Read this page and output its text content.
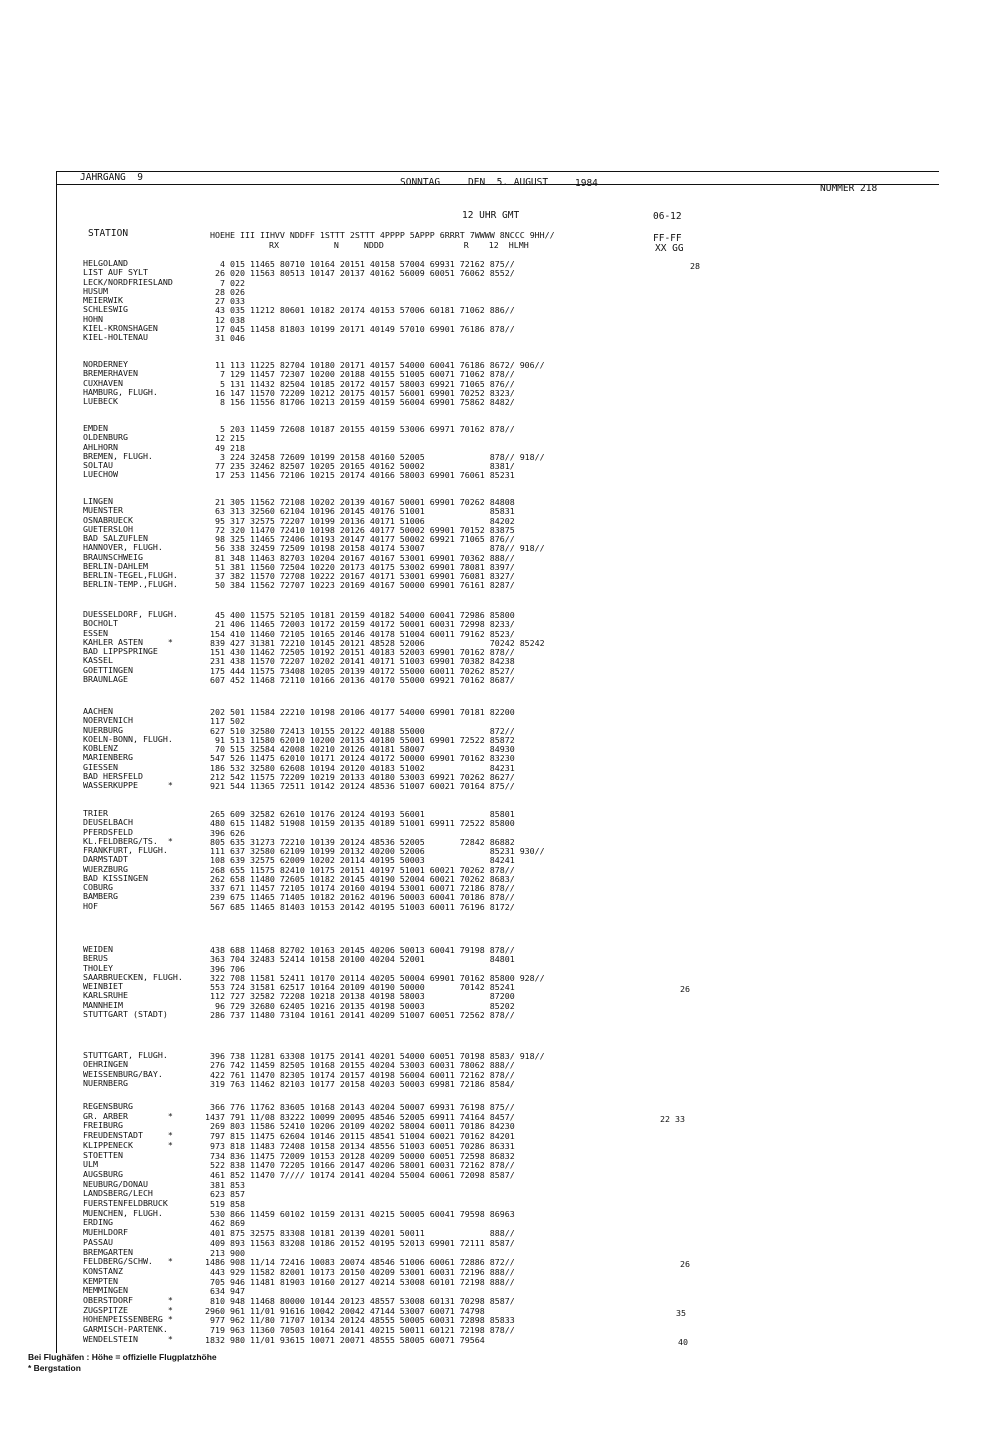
JAHRGANG  9	SONNTAG	DEN  5. AUGUST	1984	NUMMER 218
12 UHR GMT	06-12
STATION	HOEHE III IIHVV NDDFF 1STTT 2STTT 4PPPP 5APPP 6RRRT 7WWWW 8NCCC 9HH//
RX           N     NDDD                R    12  HLMH
FF-FF
XX GG
HELGOLAND	4 015 11465 80710 10164 20151 40158 57004 69931 72162 875//	28
LIST AUF SYLT	26 020 11563 80513 10147 20137 40162 56009 60051 76062 8552/
LECK/NORDFRIESLAND	7 022
HUSUM	28 026
MEIERWIK	27 033
SCHLESWIG	43 035 11212 80601 10182 20174 40153 57006 60181 71062 886//
HOHN	12 038
KIEL-KRONSHAGEN	17 045 11458 81803 10199 20171 40149 57010 69901 76186 878//
KIEL-HOLTENAU	31 046
NORDERNEY	11 113 11225 82704 10180 20171 40157 54000 60041 76186 8672/ 906//
BREMERHAVEN	7 129 11457 72307 10200 20188 40155 51005 60071 71062 878//
CUXHAVEN	5 131 11432 82504 10185 20172 40157 58003 69921 71065 876//
HAMBURG, FLUGH.	16 147 11570 72209 10212 20175 40157 56001 69901 70252 8323/
LUEBECK	8 156 11556 81706 10213 20159 40159 56004 69901 75862 8482/
EMDEN	5 203 11459 72608 10187 20155 40159 53006 69971 70162 878//
OLDENBURG	12 215
AHLHORN	49 218
BREMEN, FLUGH.	3 224 32458 72609 10199 20158 40160 52005             878// 918//
SOLTAU	77 235 32462 82507 10205 20165 40162 50002             8381/
LUECHOW	17 253 11456 72106 10215 20174 40166 58003 69901 76061 85231
LINGEN	21 305 11562 72108 10202 20139 40167 50001 69901 70262 84808
MUENSTER	63 313 32560 62104 10196 20145 40176 51001             85831
OSNABRUECK	95 317 32575 72207 10199 20136 40171 51006             84202
GUETERSLOH	72 320 11470 72410 10198 20126 40177 50002 69901 70152 83875
BAD SALZUFLEN	98 325 11465 72406 10193 20147 40177 50002 69921 71065 876//
HANNOVER, FLUGH.	56 338 32459 72509 10198 20158 40174 53007             878// 918//
BRAUNSCHWEIG	81 348 11463 82703 10204 20167 40167 53001 69901 70362 888//
BERLIN-DAHLEM	51 381 11560 72504 10220 20173 40175 53002 69901 78081 8397/
BERLIN-TEGEL,FLUGH.	37 382 11570 72708 10222 20167 40171 53001 69901 76081 8327/
BERLIN-TEMP.,FLUGH.	50 384 11562 72707 10223 20169 40167 50000 69901 76161 8287/
DUESSELDORF, FLUGH.	45 400 11575 52105 10181 20159 40182 54000 60041 72986 85800
BOCHOLT	21 406 11465 72003 10172 20159 40172 50001 60031 72998 8233/
ESSEN	154 410 11460 72105 10165 20146 40178 51004 60011 79162 8523/
KAHLER ASTEN     *	839 427 31381 72210 10145 20121 48528 52006             70242 85242
BAD LIPPSPRINGE	151 430 11462 72505 10192 20151 40183 52003 69901 70162 878//
KASSEL	231 438 11570 72207 10202 20141 40171 51003 69901 70382 84238
GOETTINGEN	175 444 11575 73408 10205 20139 40172 55000 60011 70262 8527/
BRAUNLAGE	607 452 11468 72110 10166 20136 40170 55000 69921 70162 8687/
AACHEN	202 501 11584 22210 10198 20106 40177 54000 69901 70181 82200
NOERVENICH	117 502
NUERBURG	627 510 32580 72413 10155 20122 40188 55000             872//
KOELN-BONN, FLUGH.	91 513 11580 62010 10200 20135 40180 55001 69901 72522 85872
KOBLENZ	70 515 32584 42008 10210 20126 40181 58007             84930
MARIENBERG	547 526 11475 62010 10171 20124 40172 50000 69901 70162 83230
GIESSEN	186 532 32580 62608 10194 20120 40183 51002             84231
BAD HERSFELD	212 542 11575 72209 10219 20133 40180 53003 69921 70262 8627/
WASSERKUPPE      *	921 544 11365 72511 10142 20124 48536 51007 60021 70164 875//
TRIER	265 609 32582 62610 10176 20124 40193 56001             85801
DEUSELBACH	480 615 11482 51908 10159 20135 40189 51001 69911 72522 85800
PFERDSFELD	396 626
KL.FELDBERG/TS.  *	805 635 31273 72210 10139 20124 48536 52005       72842 86882
FRANKFURT, FLUGH.	111 637 32580 62109 10199 20132 40200 52006             85231 930//
DARMSTADT	108 639 32575 62009 10202 20114 40195 50003             84241
WUERZBURG	268 655 11575 82410 10175 20151 40197 51001 60021 70262 878//
BAD KISSINGEN	262 658 11480 72605 10182 20145 40190 52004 60021 70262 8683/
COBURG	337 671 11457 72105 10174 20160 40194 53001 60071 72186 878//
BAMBERG	239 675 11465 71405 10182 20162 40196 50003 60041 70186 878//
HOF	567 685 11465 81403 10153 20142 40195 51003 60011 76196 8172/
WEIDEN	438 688 11468 82702 10163 20145 40206 50013 60041 79198 878//
BERUS	363 704 32483 52414 10158 20100 40204 52001             84801
THOLEY	396 706
SAARBRUECKEN, FLUGH. 322 708 11581 52411 10170 20114 40205 50004 69901 70162 85800 928//
WEINBIET	553 724 31581 62517 10164 20109 40190 50000       70142 85241	26
KARLSRUHE	112 727 32582 72208 10218 20138 40198 58003             87200
MANNHEIM	96 729 32680 62405 10216 20135 40198 50003             85202
STUTTGART (STADT)	286 737 11480 73104 10161 20141 40209 51007 60051 72562 878//
STUTTGART, FLUGH.	396 738 11281 63308 10175 20141 40201 54000 60051 70198 8583/ 918//
OEHRINGEN	276 742 11459 82505 10168 20155 40204 53003 60031 78062 888//
WEISSENBURG/BAY.	422 761 11470 82305 10174 20157 40198 56004 60011 72162 878//
NUERNBERG	319 763 11462 82103 10177 20158 40203 50003 69981 72186 8584/
REGENSBURG	366 776 11762 83605 10168 20143 40204 50007 69931 76198 875//
GR. ARBER        *	1437 791 11/08 83222 10099 20095 48546 52005 69911 74164 8457/	22 33
FREIBURG	269 803 11586 52410 10206 20109 40202 58004 60011 70186 84230
FREUDENSTADT     *	797 815 11475 62604 10146 20115 48541 51004 60021 70162 84201
KLIPPENECK       *	973 818 11483 72408 10158 20134 48556 51003 60051 70286 86331
STOETTEN	734 836 11475 72009 10153 20128 40209 50000 60051 72598 86832
ULM	522 838 11470 72205 10166 20147 40206 58001 60031 72162 878//
AUGSBURG	461 852 11470 7//// 10174 20141 40204 55004 60061 72098 8587/
NEUBURG/DONAU	381 853
LANDSBERG/LECH	623 857
FUERSTENFELDBRUCK	519 858
MUENCHEN, FLUGH.	530 866 11459 60102 10159 20131 40215 50005 60041 79598 86963
ERDING	462 869
MUEHLDORF	401 875 32575 83308 10181 20139 40201 50011             888//
PASSAU	409 893 11563 83208 10186 20152 40195 52013 69901 72111 8587/
BREMGARTEN	213 900
FELDBERG/SCHW.   *	1486 908 11/14 72416 10083 20074 48546 51006 60061 72886 872//	26
KONSTANZ	443 929 11582 82001 10173 20150 40209 53001 60031 72196 888//
KEMPTEN	705 946 11481 81903 10160 20127 40214 53008 60101 72198 888//
MEMMINGEN	634 947
OBERSTDORF       *	810 948 11468 80000 10144 20123 48557 53008 60131 70298 8587/
ZUGSPITZE        *	2960 961 11/01 91616 10042 20042 47144 53007 60071 74798	35
HOHENPEISSENBERG *	977 962 11/80 71707 10134 20124 48555 50005 60031 72898 85833
GARMISCH-PARTENK.	719 963 11360 70503 10164 20141 40215 50011 60121 72198 878//
WENDELSTEIN      *	1832 980 11/01 93615 10071 20071 48555 58005 60071 79564	40
Bei Flughäfen : Höhe = offizielle Flugplatzhöhe
* Bergstation
